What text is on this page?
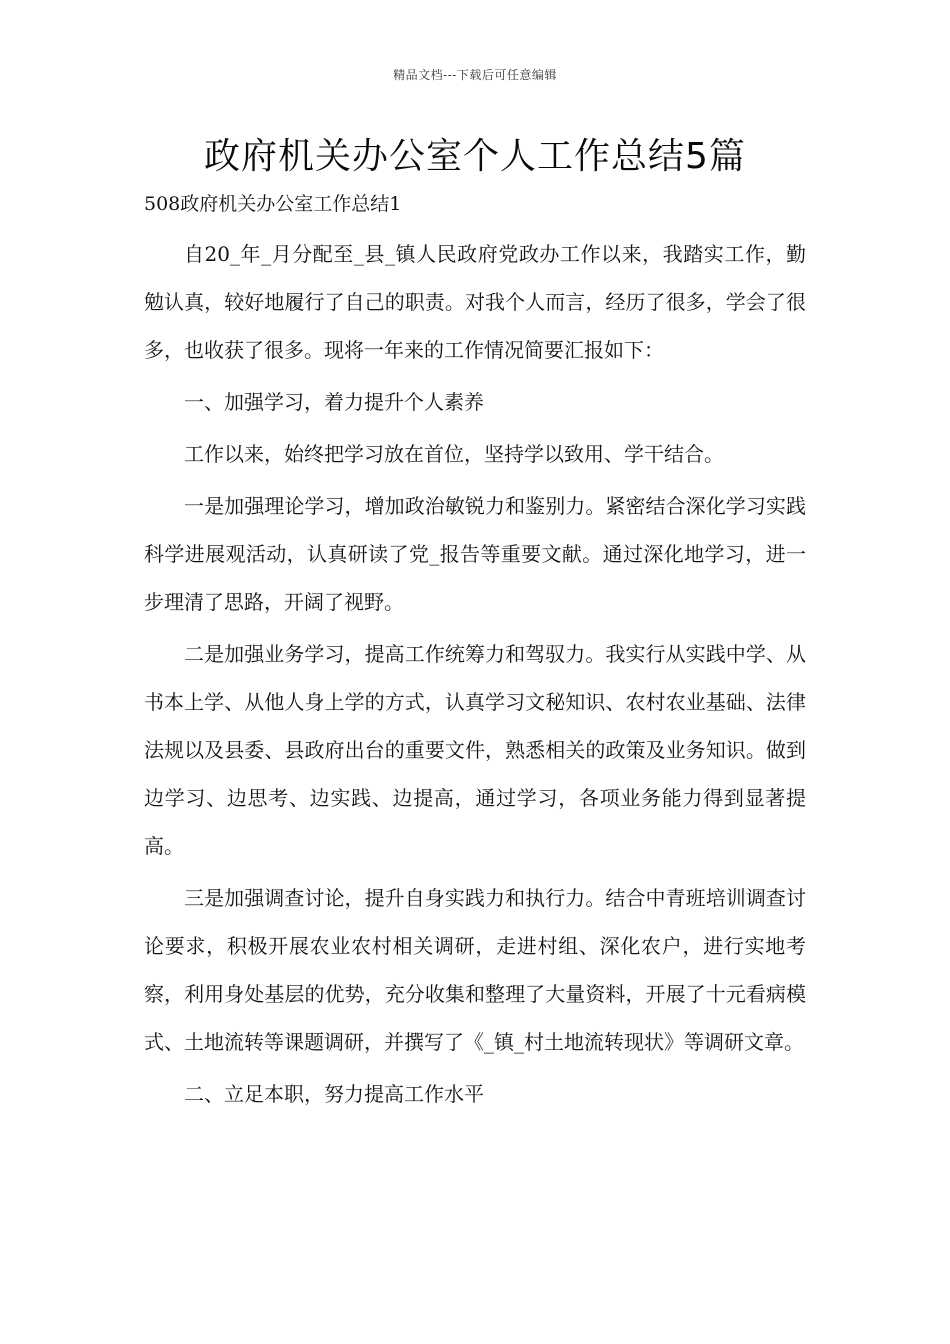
精品文档---下载后可任意编辑
政府机关办公室个人工作总结5篇
508政府机关办公室工作总结1

自20_年_月分配至_县_镇人民政府党政办工作以来，我踏实工作，勤勉认真，较好地履行了自己的职责。对我个人而言，经历了很多，学会了很多，也收获了很多。现将一年来的工作情况简要汇报如下：

一、加强学习，着力提升个人素养

工作以来，始终把学习放在首位，坚持学以致用、学干结合。

一是加强理论学习，增加政治敏锐力和鉴别力。紧密结合深化学习实践科学进展观活动，认真研读了党_报告等重要文献。通过深化地学习，进一步理清了思路，开阔了视野。

二是加强业务学习，提高工作统筹力和驾驭力。我实行从实践中学、从书本上学、从他人身上学的方式，认真学习文秘知识、农村农业基础、法律法规以及县委、县政府出台的重要文件，熟悉相关的政策及业务知识。做到边学习、边思考、边实践、边提高，通过学习，各项业务能力得到显著提高。

三是加强调查讨论，提升自身实践力和执行力。结合中青班培训调查讨论要求，积极开展农业农村相关调研，走进村组、深化农户，进行实地考察，利用身处基层的优势，充分收集和整理了大量资料，开展了十元看病模式、土地流转等课题调研，并撰写了《_镇_村土地流转现状》等调研文章。

二、立足本职，努力提高工作水平
